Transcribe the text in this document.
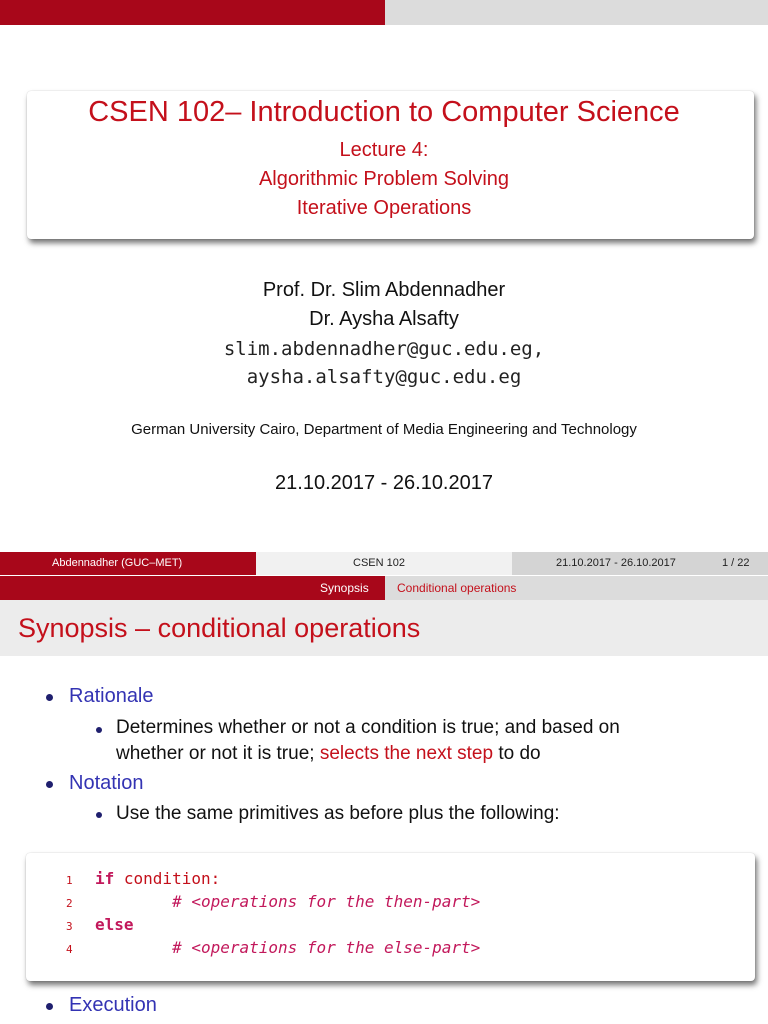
CSEN 102– Introduction to Computer Science
Lecture 4:
Algorithmic Problem Solving
Iterative Operations
Prof. Dr. Slim Abdennadher
Dr. Aysha Alsafty
slim.abdennadher@guc.edu.eg,
aysha.alsafty@guc.edu.eg
German University Cairo, Department of Media Engineering and Technology
21.10.2017 - 26.10.2017
Abdennadher (GUC–MET)	CSEN 102	21.10.2017 - 26.10.2017	1 / 22
Synopsis Conditional operations
Synopsis – conditional operations
Rationale
Determines whether or not a condition is true; and based on
whether or not it is true; selects the next step to do
Notation
Use the same primitives as before plus the following:
1 if condition:
2	# <operations for the then-part>
3 else
4	# <operations for the else-part>
Execution
